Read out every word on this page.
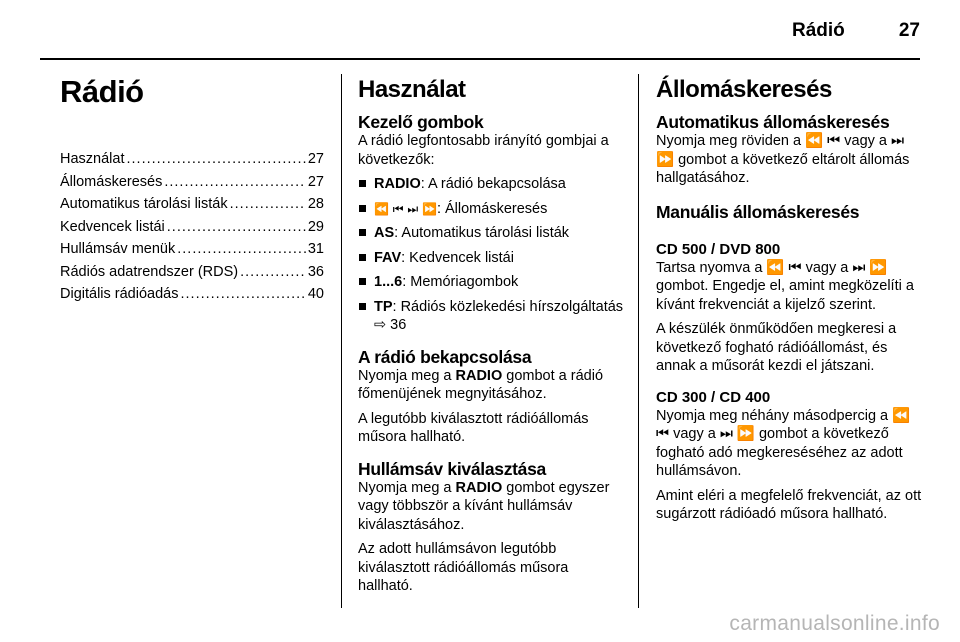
Rádió	27
Rádió
Használat .....	27
Állomáskeresés .....	27
Automatikus tárolási listák .....	28
Kedvencek listái .....	29
Hullámsáv menük .....	31
Rádiós adatrendszer (RDS) .....	36
Digitális rádióadás .....	40
Használat
Kezelő gombok

A rádió legfontosabb irányító gombjai a következők:

RADIO: A rádió bekapcsolása
⏪ ⏮ ⏭ ⏩: Állomáskeresés
AS: Automatikus tárolási listák
FAV: Kedvencek listái
1...6: Memóriagombok
TP: Rádiós közlekedési hírszolgáltatás ⇨ 36
A rádió bekapcsolása

Nyomja meg a RADIO gombot a rádió főmenüjének megnyitásához.

A legutóbb kiválasztott rádióállomás műsora hallható.

Hullámsáv kiválasztása

Nyomja meg a RADIO gombot egyszer vagy többször a kívánt hullámsáv kiválasztásához.

Az adott hullámsávon legutóbb kiválasztott rádióállomás műsora hallható.

Állomáskeresés
Automatikus állomáskeresés

Nyomja meg röviden a ⏪ ⏮ vagy a ⏭ ⏩ gombot a következő eltárolt állomás hallgatásához.

Manuális állomáskeresés
CD 500 / DVD 800

Tartsa nyomva a ⏪ ⏮ vagy a ⏭ ⏩ gombot. Engedje el, amint megközelíti a kívánt frekvenciát a kijelző szerint.

A készülék önműködően megkeresi a következő fogható rádióállomást, és annak a műsorát kezdi el játszani.

CD 300 / CD 400

Nyomja meg néhány másodpercig a ⏪ ⏮ vagy a ⏭ ⏩ gombot a következő fogható adó megkereséséhez az adott hullámsávon.

Amint eléri a megfelelő frekvenciát, az ott sugárzott rádióadó műsora hallható.

carmanualsonline.info
